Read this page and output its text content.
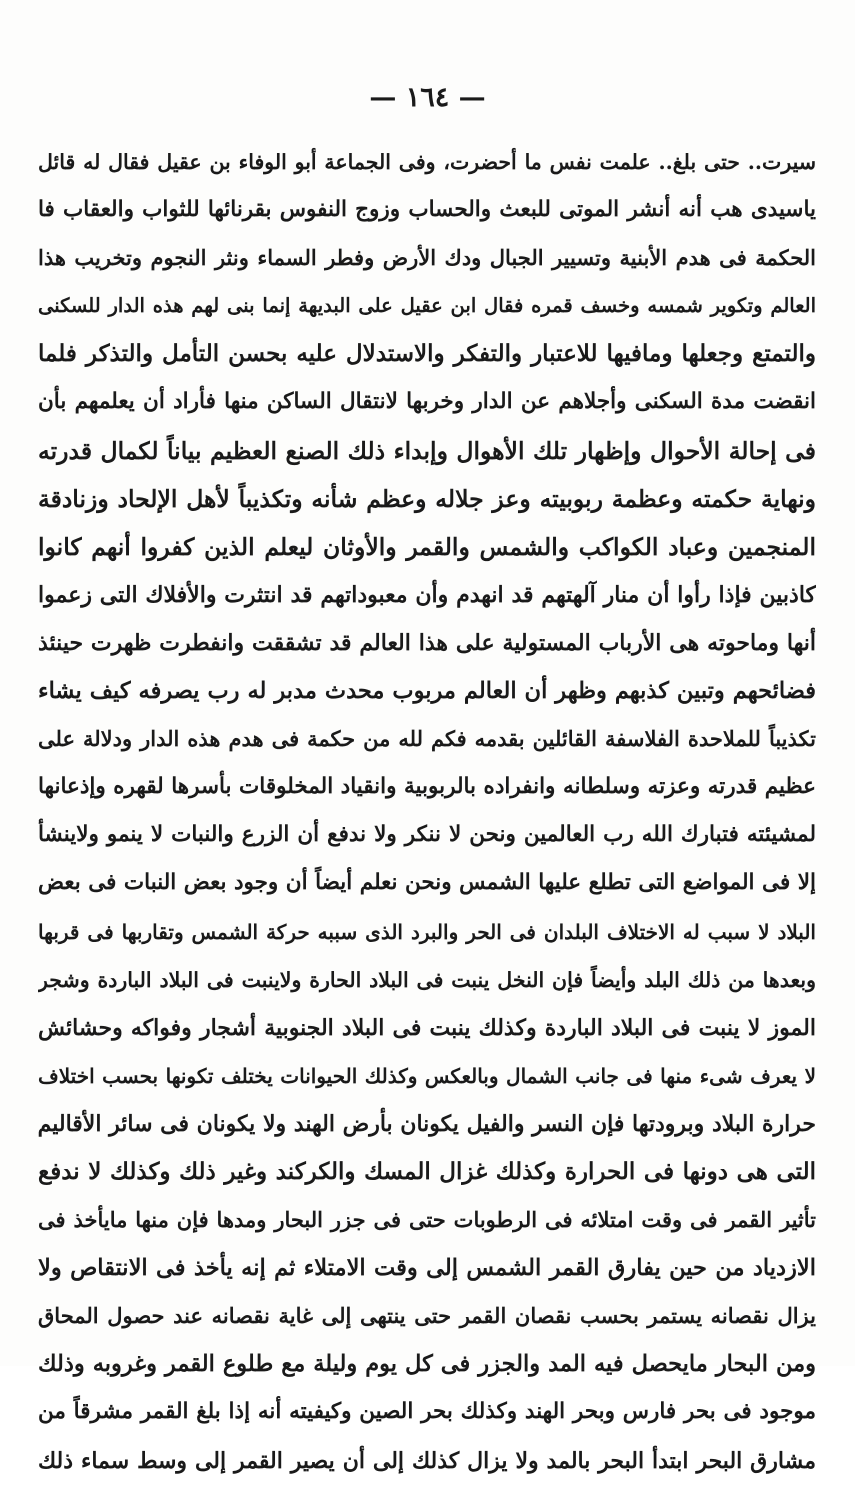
— ١٦٤ —
سيرت.. حتى بلغ.. علمت نفس ما أحضرت، وفى الجماعة أبو الوفاء بن عقيل فقال له قائل
ياسيدى هب أنه أنشر الموتى للبعث والحساب وزوج النفوس بقرنائها للثواب والعقاب فا
الحكمة فى هدم الأبنية وتسيير الجبال ودك الأرض وفطر السماء ونثر النجوم وتخريب هذا
العالم وتكوير شمسه وخسف قمره فقال ابن عقيل على البديهة إنما بنى لهم هذه الدار للسكنى
والتمتع وجعلها ومافيها للاعتبار والتفكر والاستدلال عليه بحسن التأمل والتذكر فلما
انقضت مدة السكنى وأجلاهم عن الدار وخربها لانتقال الساكن منها فأراد أن يعلمهم بأن
فى إحالة الأحوال وإظهار تلك الأهوال وإبداء ذلك الصنع العظيم بياناً لكمال قدرته
ونهاية حكمته وعظمة ربوبيته وعز جلاله وعظم شأنه وتكذيباً لأهل الإلحاد وزنادقة
المنجمين وعباد الكواكب والشمس والقمر والأوثان ليعلم الذين كفروا أنهم كانوا
كاذبين فإذا رأوا أن منار آلهتهم قد انهدم وأن معبوداتهم قد انتثرت والأفلاك التى زعموا
أنها وماحوته هى الأرباب المستولية على هذا العالم قد تشققت وانفطرت ظهرت حينئذ
فضائحهم وتبين كذبهم وظهر أن العالم مربوب محدث مدبر له رب يصرفه كيف يشاء
تكذيباً للملاحدة الفلاسفة القائلين بقدمه فكم لله من حكمة فى هدم هذه الدار ودلالة على
عظيم قدرته وعزته وسلطانه وانفراده بالربوبية وانقياد المخلوقات بأسرها لقهره وإذعانها
لمشيئته فتبارك الله رب العالمين ونحن لا ننكر ولا ندفع أن الزرع والنبات لا ينمو ولاينشأ
إلا فى المواضع التى تطلع عليها الشمس ونحن نعلم أيضاً أن وجود بعض النبات فى بعض
البلاد لا سبب له الاختلاف البلدان فى الحر والبرد الذى سببه حركة الشمس وتقاربها فى قربها
وبعدها من ذلك البلد وأيضاً فإن النخل ينبت فى البلاد الحارة ولاينبت فى البلاد الباردة وشجر
الموز لا ينبت فى البلاد الباردة وكذلك ينبت فى البلاد الجنوبية أشجار وفواكه وحشائش
لا يعرف شىء منها فى جانب الشمال وبالعكس وكذلك الحيوانات يختلف تكونها بحسب اختلاف
حرارة البلاد وبرودتها فإن النسر والفيل يكونان بأرض الهند ولا يكونان فى سائر الأقاليم
التى هى دونها فى الحرارة وكذلك غزال المسك والكركند وغير ذلك وكذلك لا ندفع
تأثير القمر فى وقت امتلائه فى الرطوبات حتى فى جزر البحار ومدها فإن منها مايأخذ فى
الازدياد من حين يفارق القمر الشمس إلى وقت الامتلاء ثم إنه يأخذ فى الانتقاص ولا
يزال نقصانه يستمر بحسب نقصان القمر حتى ينتهى إلى غاية نقصانه عند حصول المحاق
ومن البحار مايحصل فيه المد والجزر فى كل يوم وليلة مع طلوع القمر وغروبه وذلك
موجود فى بحر فارس وبحر الهند وكذلك بحر الصين وكيفيته أنه إذا بلغ القمر مشرقاً من
مشارق البحر ابتدأ البحر بالمد ولا يزال كذلك إلى أن يصير القمر إلى وسط سماء ذلك
